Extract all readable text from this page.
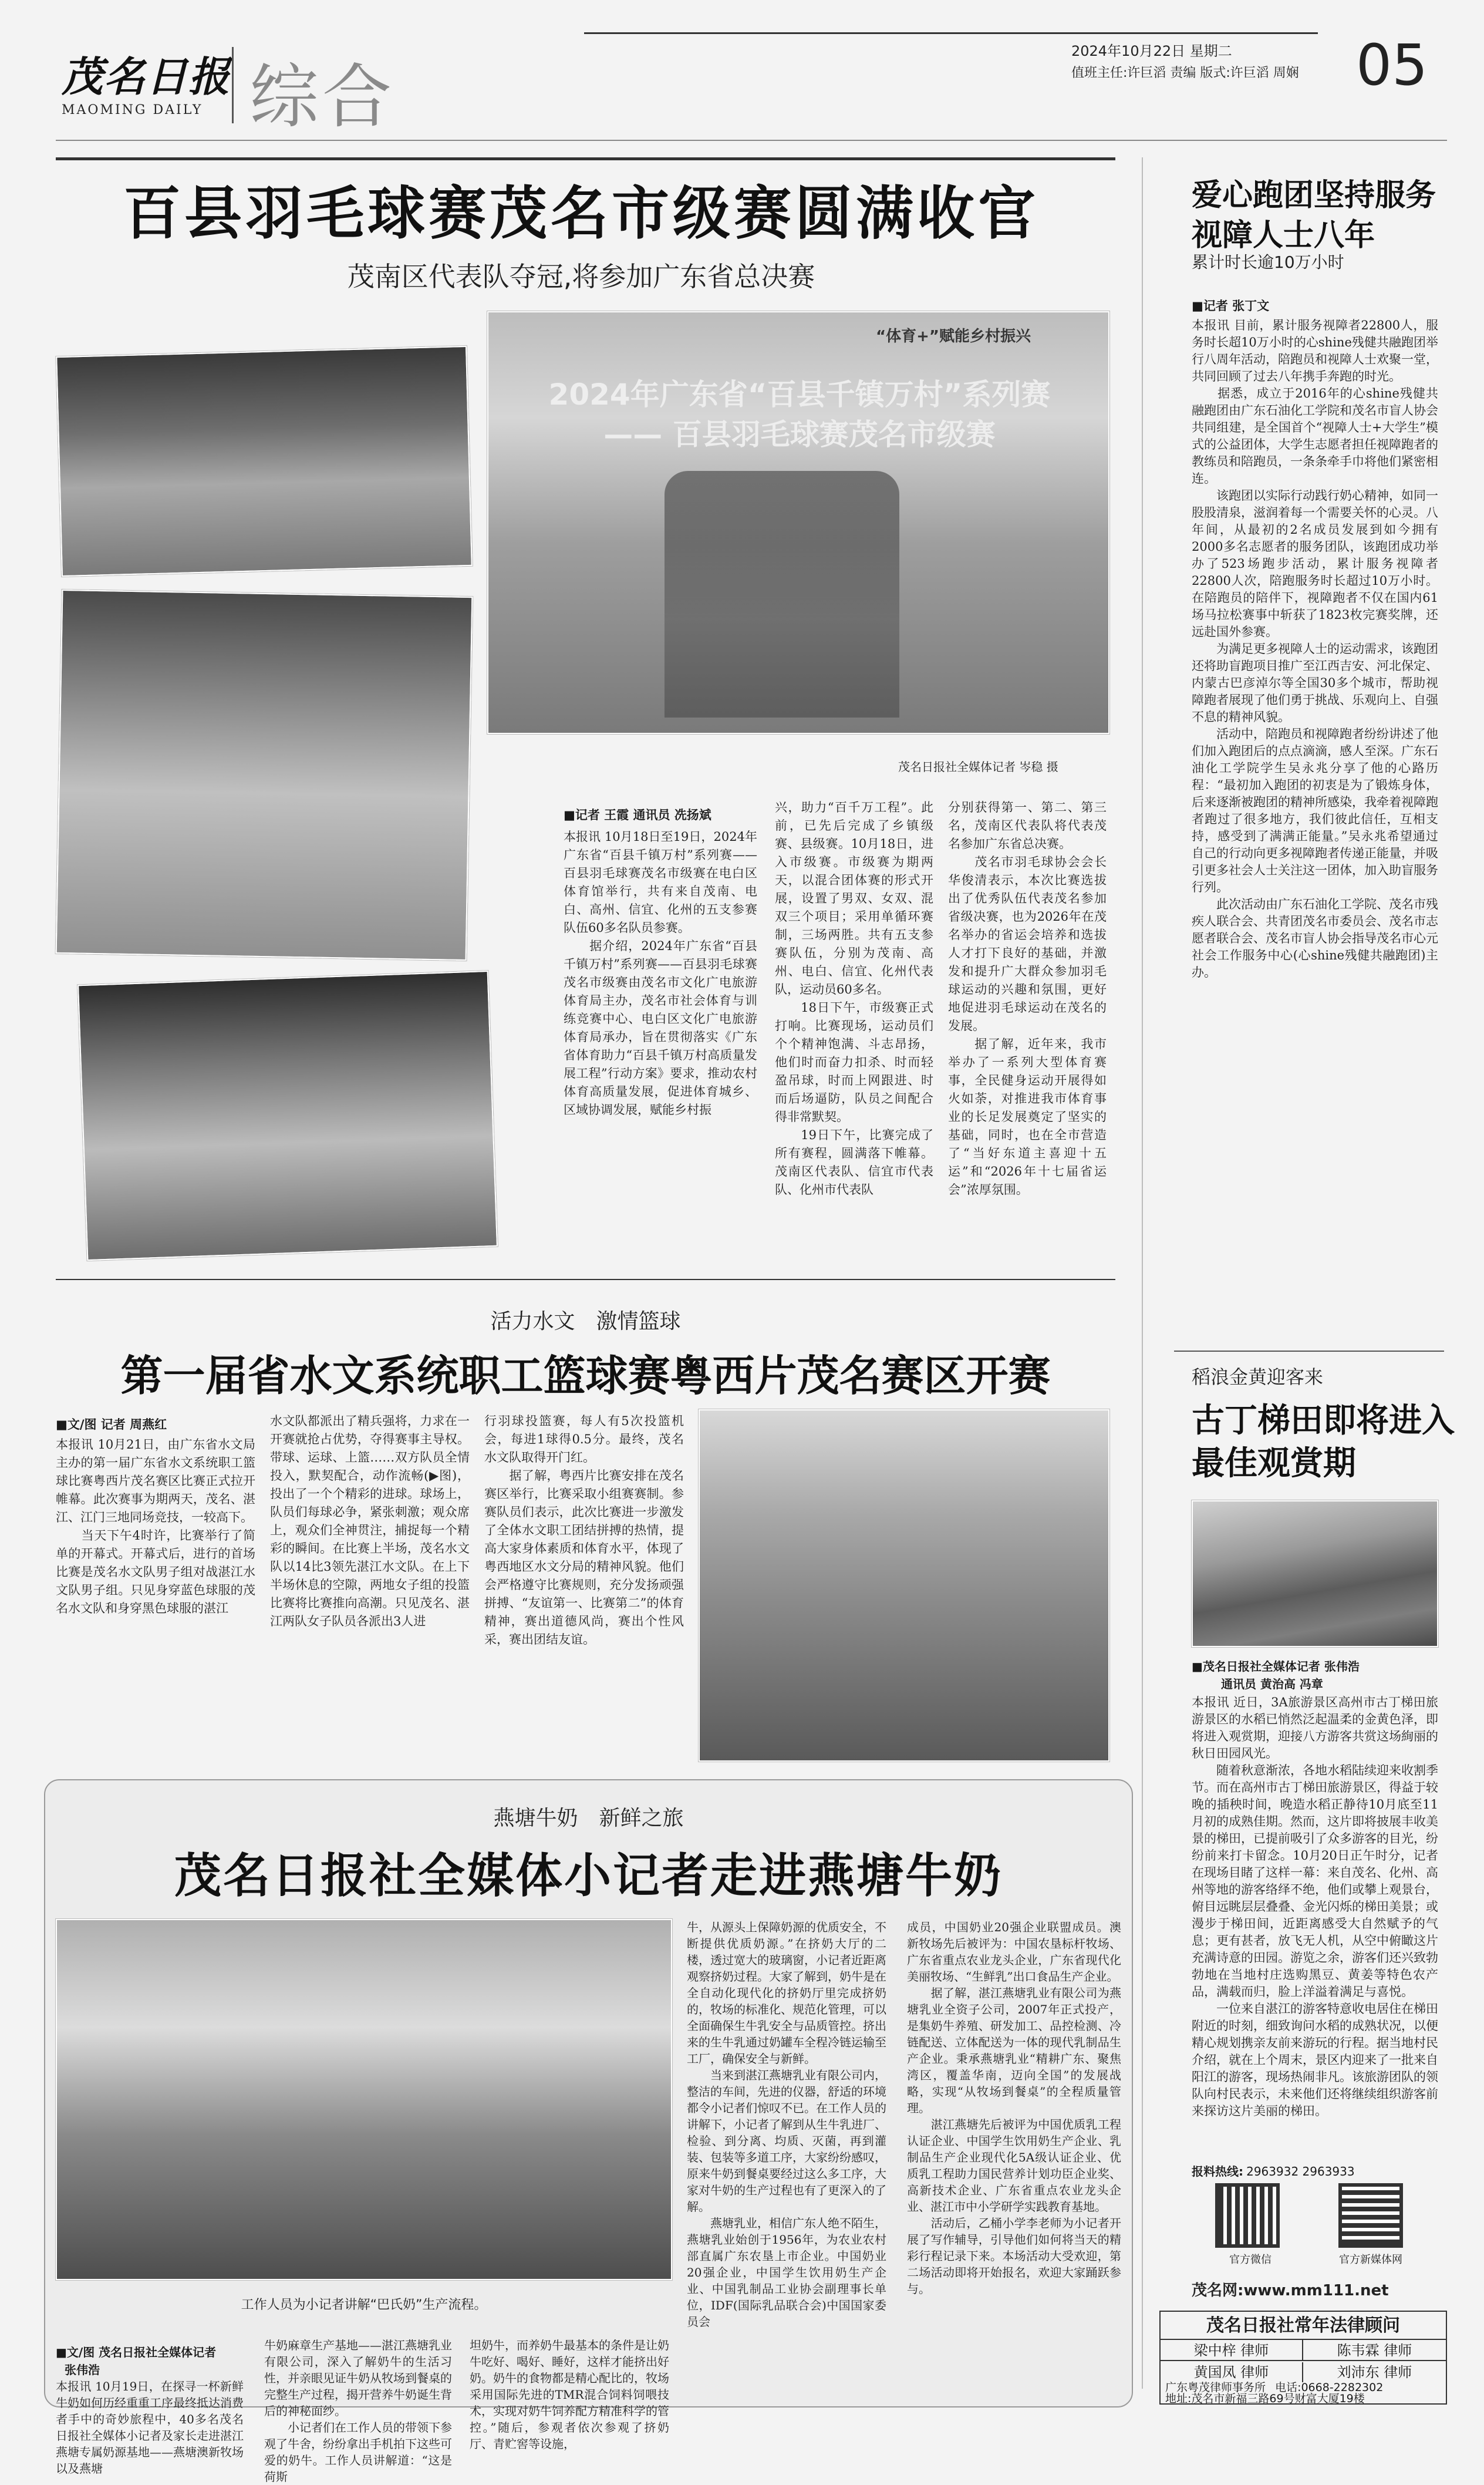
茂名日报
MAOMING DAILY 综合
2024年10月22日 星期二
值班主任:许巨滔 责编 版式:许巨滔 周娴 05
百县羽毛球赛茂名市级赛圆满收官
茂南区代表队夺冠,将参加广东省总决赛
“体育+”赋能乡村振兴
2024年广东省“百县千镇万村”系列赛
—— 百县羽毛球赛茂名市级赛
茂名日报社全媒体记者 岑稳 摄
■记者 王霞 通讯员 冼扬斌
本报讯 10月18日至19日，2024年广东省“百县千镇万村”系列赛——百县羽毛球赛茂名市级赛在电白区体育馆举行，共有来自茂南、电白、高州、信宜、化州的五支参赛队伍60多名队员参赛。
　　据介绍，2024年广东省“百县千镇万村”系列赛——百县羽毛球赛茂名市级赛由茂名市文化广电旅游体育局主办，茂名市社会体育与训练竞赛中心、电白区文化广电旅游体育局承办，旨在贯彻落实《广东省体育助力“百县千镇万村高质量发展工程”行动方案》要求，推动农村体育高质量发展，促进体育城乡、区域协调发展，赋能乡村振
兴，助力“百千万工程”。此前，已先后完成了乡镇级赛、县级赛。10月18日，进入市级赛。市级赛为期两天，以混合团体赛的形式开展，设置了男双、女双、混双三个项目；采用单循环赛制，三场两胜。共有五支参赛队伍，分别为茂南、高州、电白、信宜、化州代表队，运动员60多名。
　　18日下午，市级赛正式打响。比赛现场，运动员们个个精神饱满、斗志昂扬，他们时而奋力扣杀、时而轻盈吊球，时而上网跟进、时而后场逼防，队员之间配合得非常默契。
　　19日下午，比赛完成了所有赛程，圆满落下帷幕。茂南区代表队、信宜市代表队、化州市代表队
分别获得第一、第二、第三名，茂南区代表队将代表茂名参加广东省总决赛。
　　茂名市羽毛球协会会长华俊清表示，本次比赛选拔出了优秀队伍代表茂名参加省级决赛，也为2026年在茂名举办的省运会培养和选拔人才打下良好的基础，并激发和提升广大群众参加羽毛球运动的兴趣和氛围，更好地促进羽毛球运动在茂名的发展。
　　据了解，近年来，我市举办了一系列大型体育赛事，全民健身运动开展得如火如荼，对推进我市体育事业的长足发展奠定了坚实的基础，同时，也在全市营造了“当好东道主喜迎十五运”和“2026年十七届省运会”浓厚氛围。
活力水文　激情篮球
第一届省水文系统职工篮球赛粤西片茂名赛区开赛
■文/图 记者 周燕红
本报讯 10月21日，由广东省水文局主办的第一届广东省水文系统职工篮球比赛粤西片茂名赛区比赛正式拉开帷幕。此次赛事为期两天，茂名、湛江、江门三地同场竞技，一较高下。
　　当天下午4时许，比赛举行了简单的开幕式。开幕式后，进行的首场比赛是茂名水文队男子组对战湛江水文队男子组。只见身穿蓝色球服的茂名水文队和身穿黑色球服的湛江
水文队都派出了精兵强将，力求在一开赛就抢占优势，夺得赛事主导权。带球、运球、上篮……双方队员全情投入，默契配合，动作流畅(▶图)，投出了一个个精彩的进球。球场上，队员们每球必争，紧张刺激；观众席上，观众们全神贯注，捕捉每一个精彩的瞬间。在比赛上半场，茂名水文队以14比3领先湛江水文队。在上下半场休息的空隙，两地女子组的投篮比赛将比赛推向高潮。只见茂名、湛江两队女子队员各派出3人进
行羽球投篮赛，每人有5次投篮机会，每进1球得0.5分。最终，茂名水文队取得开门红。
　　据了解，粤西片比赛安排在茂名赛区举行，比赛采取小组赛赛制。参赛队员们表示，此次比赛进一步激发了全体水文职工团结拼搏的热情，提高大家身体素质和体育水平，体现了粤西地区水文分局的精神风貌。他们会严格遵守比赛规则，充分发扬顽强拼搏、“友谊第一、比赛第二”的体育精神，赛出道德风尚，赛出个性风采，赛出团结友谊。
燕塘牛奶　新鲜之旅
茂名日报社全媒体小记者走进燕塘牛奶
工作人员为小记者讲解“巴氏奶”生产流程。
■文/图 茂名日报社全媒体记者
张伟浩
本报讯 10月19日，在探寻一杯新鲜牛奶如何历经重重工序最终抵达消费者手中的奇妙旅程中，40多名茂名日报社全媒体小记者及家长走进湛江燕塘专属奶源基地——燕塘澳新牧场以及燕塘
牛奶麻章生产基地——湛江燕塘乳业有限公司，深入了解奶牛的生活习性，并亲眼见证牛奶从牧场到餐桌的完整生产过程，揭开营养牛奶诞生背后的神秘面纱。
　　小记者们在工作人员的带领下参观了牛舍，纷纷拿出手机拍下这些可爱的奶牛。工作人员讲解道：“这是荷斯
坦奶牛，而养奶牛最基本的条件是让奶牛吃好、喝好、睡好，这样才能挤出好奶。奶牛的食物都是精心配比的，牧场采用国际先进的TMR混合饲料饲喂技术，实现对奶牛饲养配方精准科学的管控。”随后，参观者依次参观了挤奶厅、青贮窖等设施，
牛，从源头上保障奶源的优质安全，不断提供优质奶源。”在挤奶大厅的二楼，透过宽大的玻璃窗，小记者近距离观察挤奶过程。大家了解到，奶牛是在全自动化现代化的挤奶厅里完成挤奶的，牧场的标准化、规范化管理，可以全面确保生牛乳安全与品质管控。挤出来的生牛乳通过奶罐车全程冷链运输至工厂，确保安全与新鲜。
　　当来到湛江燕塘乳业有限公司内，整洁的车间，先进的仪器，舒适的环境都令小记者们惊叹不已。在工作人员的讲解下，小记者了解到从生牛乳进厂、检验、到分离、均质、灭菌，再到灌装、包装等多道工序，大家纷纷感叹，原来牛奶到餐桌要经过这么多工序，大家对牛奶的生产过程也有了更深入的了解。
　　燕塘乳业，相信广东人绝不陌生，燕塘乳业始创于1956年，为农业农村部直属广东农垦上市企业。中国奶业20强企业，中国学生饮用奶生产企业、中国乳制品工业协会副理事长单位，IDF(国际乳品联合会)中国国家委员会
成员，中国奶业20强企业联盟成员。澳新牧场先后被评为：中国农垦标杆牧场、广东省重点农业龙头企业，广东省现代化美丽牧场、“生鲜乳”出口食品生产企业。
　　据了解，湛江燕塘乳业有限公司为燕塘乳业全资子公司，2007年正式投产，是集奶牛养殖、研发加工、品控检测、冷链配送、立体配送为一体的现代乳制品生产企业。秉承燕塘乳业“精耕广东、聚焦湾区，覆盖华南，迈向全国”的发展战略，实现“从牧场到餐桌”的全程质量管理。
　　湛江燕塘先后被评为中国优质乳工程认证企业、中国学生饮用奶生产企业、乳制品生产企业现代化5A级认证企业、优质乳工程助力国民营养计划功臣企业奖、高新技术企业、广东省重点农业龙头企业、湛江市中小学研学实践教育基地。
　　活动后，乙桶小学李老师为小记者开展了写作辅导，引导他们如何将当天的精彩行程记录下来。本场活动大受欢迎，第二场活动即将开始报名，欢迎大家踊跃参与。
爱心跑团坚持服务
视障人士八年
累计时长逾10万小时
■记者 张丁文
本报讯 目前，累计服务视障者22800人，服务时长超10万小时的心shine残健共融跑团举行八周年活动，陪跑员和视障人士欢聚一堂，共同回顾了过去八年携手奔跑的时光。
　　据悉，成立于2016年的心shine残健共融跑团由广东石油化工学院和茂名市盲人协会共同组建，是全国首个“视障人士+大学生”模式的公益团体，大学生志愿者担任视障跑者的教练员和陪跑员，一条条牵手巾将他们紧密相连。
　　该跑团以实际行动践行奶心精神，如同一股股清泉，滋润着每一个需要关怀的心灵。八年间，从最初的2名成员发展到如今拥有2000多名志愿者的服务团队，该跑团成功举办了523场跑步活动，累计服务视障者22800人次，陪跑服务时长超过10万小时。在陪跑员的陪伴下，视障跑者不仅在国内61场马拉松赛事中斩获了1823枚完赛奖牌，还远赴国外参赛。
　　为满足更多视障人士的运动需求，该跑团还将助盲跑项目推广至江西吉安、河北保定、内蒙古巴彦淖尔等全国30多个城市，帮助视障跑者展现了他们勇于挑战、乐观向上、自强不息的精神风貌。
　　活动中，陪跑员和视障跑者纷纷讲述了他们加入跑团后的点点滴滴，感人至深。广东石油化工学院学生吴永兆分享了他的心路历程：“最初加入跑团的初衷是为了锻炼身体，后来逐渐被跑团的精神所感染，我牵着视障跑者跑过了很多地方，我们彼此信任，互相支持，感受到了满满正能量。”吴永兆希望通过自己的行动向更多视障跑者传递正能量，并吸引更多社会人士关注这一团体，加入助盲服务行列。
　　此次活动由广东石油化工学院、茂名市残疾人联合会、共青团茂名市委员会、茂名市志愿者联合会、茂名市盲人协会指导茂名市心元社会工作服务中心(心shine残健共融跑团)主办。
稻浪金黄迎客来
古丁梯田即将进入
最佳观赏期
■茂名日报社全媒体记者 张伟浩
通讯员 黄治高 冯章
本报讯 近日，3A旅游景区高州市古丁梯田旅游景区的水稻已悄然泛起温柔的金黄色泽，即将进入观赏期，迎接八方游客共赏这场絢丽的秋日田园风光。
　　随着秋意渐浓，各地水稻陆续迎来收割季节。而在高州市古丁梯田旅游景区，得益于较晚的插秧时间，晚造水稻正静待10月底至11月初的成熟佳期。然而，这片即将披展丰收美景的梯田，已提前吸引了众多游客的目光，纷纷前来打卡留念。10月20日正午时分，记者在现场目睹了这样一幕：来自茂名、化州、高州等地的游客络绎不绝，他们或攀上观景台，俯目远眺层层叠叠、金光闪烁的梯田美景；或漫步于梯田间，近距离感受大自然赋予的气息；更有甚者，放飞无人机，从空中俯瞰这片充满诗意的田园。游览之余，游客们还兴致勃勃地在当地村庄选购黑豆、黄姜等特色农产品，满载而归，脸上洋溢着满足与喜悦。
　　一位来自湛江的游客特意收电居住在梯田附近的时刻，细致询问水稻的成熟状况，以便精心规划携亲友前来游玩的行程。据当地村民介绍，就在上个周末，景区内迎来了一批来自阳江的游客，现场热闹非凡。该旅游团队的领队向村民表示，未来他们还将继续组织游客前来探访这片美丽的梯田。
报料热线: 2963932 2963933
官方微信	官方新媒体网
茂名网:www.mm111.net
茂名日报社常年法律顾问
梁中梓 律师	陈韦霖 律师
黄国凤 律师	刘沛东 律师
广东粤茂律师事务所 电话:0668-2282302
地址:茂名市新福三路69号财富大厦19楼
